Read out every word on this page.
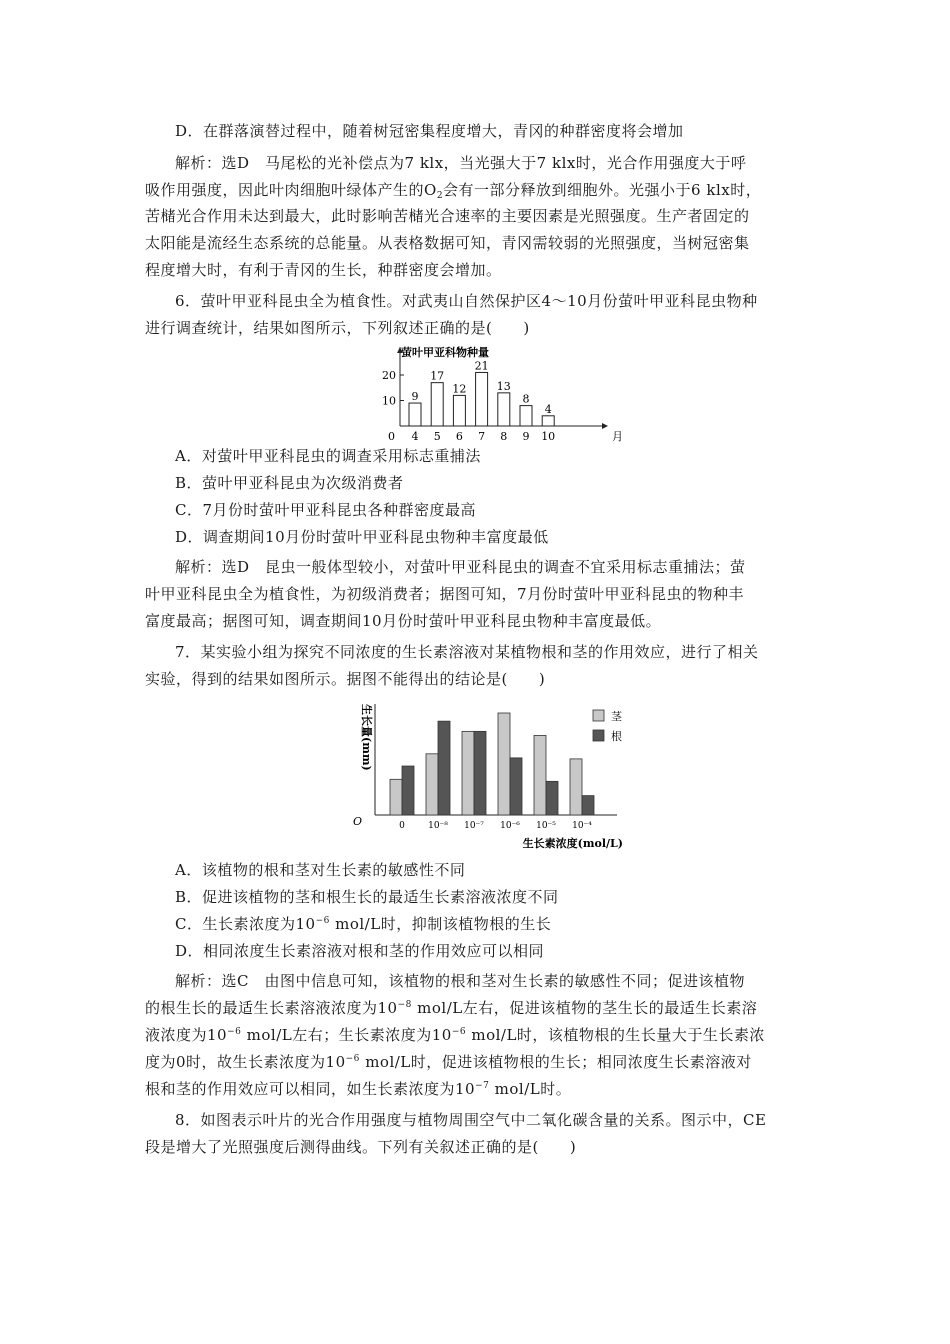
D．在群落演替过程中，随着树冠密集程度增大，青冈的种群密度将会增加
解析：选D　马尾松的光补偿点为7 klx，当光强大于7 klx时，光合作用强度大于呼
吸作用强度，因此叶肉细胞叶绿体产生的$O_2$会有一部分释放到细胞外。光强小于6 klx时，
苦槠光合作用未达到最大，此时影响苦槠光合速率的主要因素是光照强度。生产者固定的
太阳能是流经生态系统的总能量。从表格数据可知，青冈需较弱的光照强度，当树冠密集
程度增大时，有利于青冈的生长，种群密度会增加。
6．萤叶甲亚科昆虫全为植食性。对武夷山自然保护区4～10月份萤叶甲亚科昆虫物种
进行调查统计，结果如图所示，下列叙述正确的是(　　)
萤叶甲亚科物种量
月
0
10
20
9
4
17
5
12
6
21
7
13
8
8
9
4
10
A．对萤叶甲亚科昆虫的调查采用标志重捕法
B．萤叶甲亚科昆虫为次级消费者
C．7月份时萤叶甲亚科昆虫各种群密度最高
D．调查期间10月份时萤叶甲亚科昆虫物种丰富度最低
解析：选D　昆虫一般体型较小，对萤叶甲亚科昆虫的调查不宜采用标志重捕法；萤
叶甲亚科昆虫全为植食性，为初级消费者；据图可知，7月份时萤叶甲亚科昆虫的物种丰
富度最高；据图可知，调查期间10月份时萤叶甲亚科昆虫物种丰富度最低。
7．某实验小组为探究不同浓度的生长素溶液对某植物根和茎的作用效应，进行了相关
实验，得到的结果如图所示。据图不能得出的结论是(　　)
O
生长量(mm)
生长素浓度(mol/L)
0	10⁻⁸ 10⁻⁷ 10⁻⁶ 10⁻⁵ 10⁻⁴
茎
根
A．该植物的根和茎对生长素的敏感性不同
B．促进该植物的茎和根生长的最适生长素溶液浓度不同
C．生长素浓度为$10^{-6}$ mol/L时，抑制该植物根的生长
D．相同浓度生长素溶液对根和茎的作用效应可以相同
解析：选C　由图中信息可知，该植物的根和茎对生长素的敏感性不同；促进该植物
的根生长的最适生长素溶液浓度为$10^{-8}$ mol/L左右，促进该植物的茎生长的最适生长素溶
液浓度为$10^{-6}$ mol/L左右；生长素浓度为$10^{-6}$ mol/L时，该植物根的生长量大于生长素浓
度为0时，故生长素浓度为$10^{-6}$ mol/L时，促进该植物根的生长；相同浓度生长素溶液对
根和茎的作用效应可以相同，如生长素浓度为$10^{-7}$ mol/L时。
8．如图表示叶片的光合作用强度与植物周围空气中二氧化碳含量的关系。图示中，CE
段是增大了光照强度后测得曲线。下列有关叙述正确的是(　　)
